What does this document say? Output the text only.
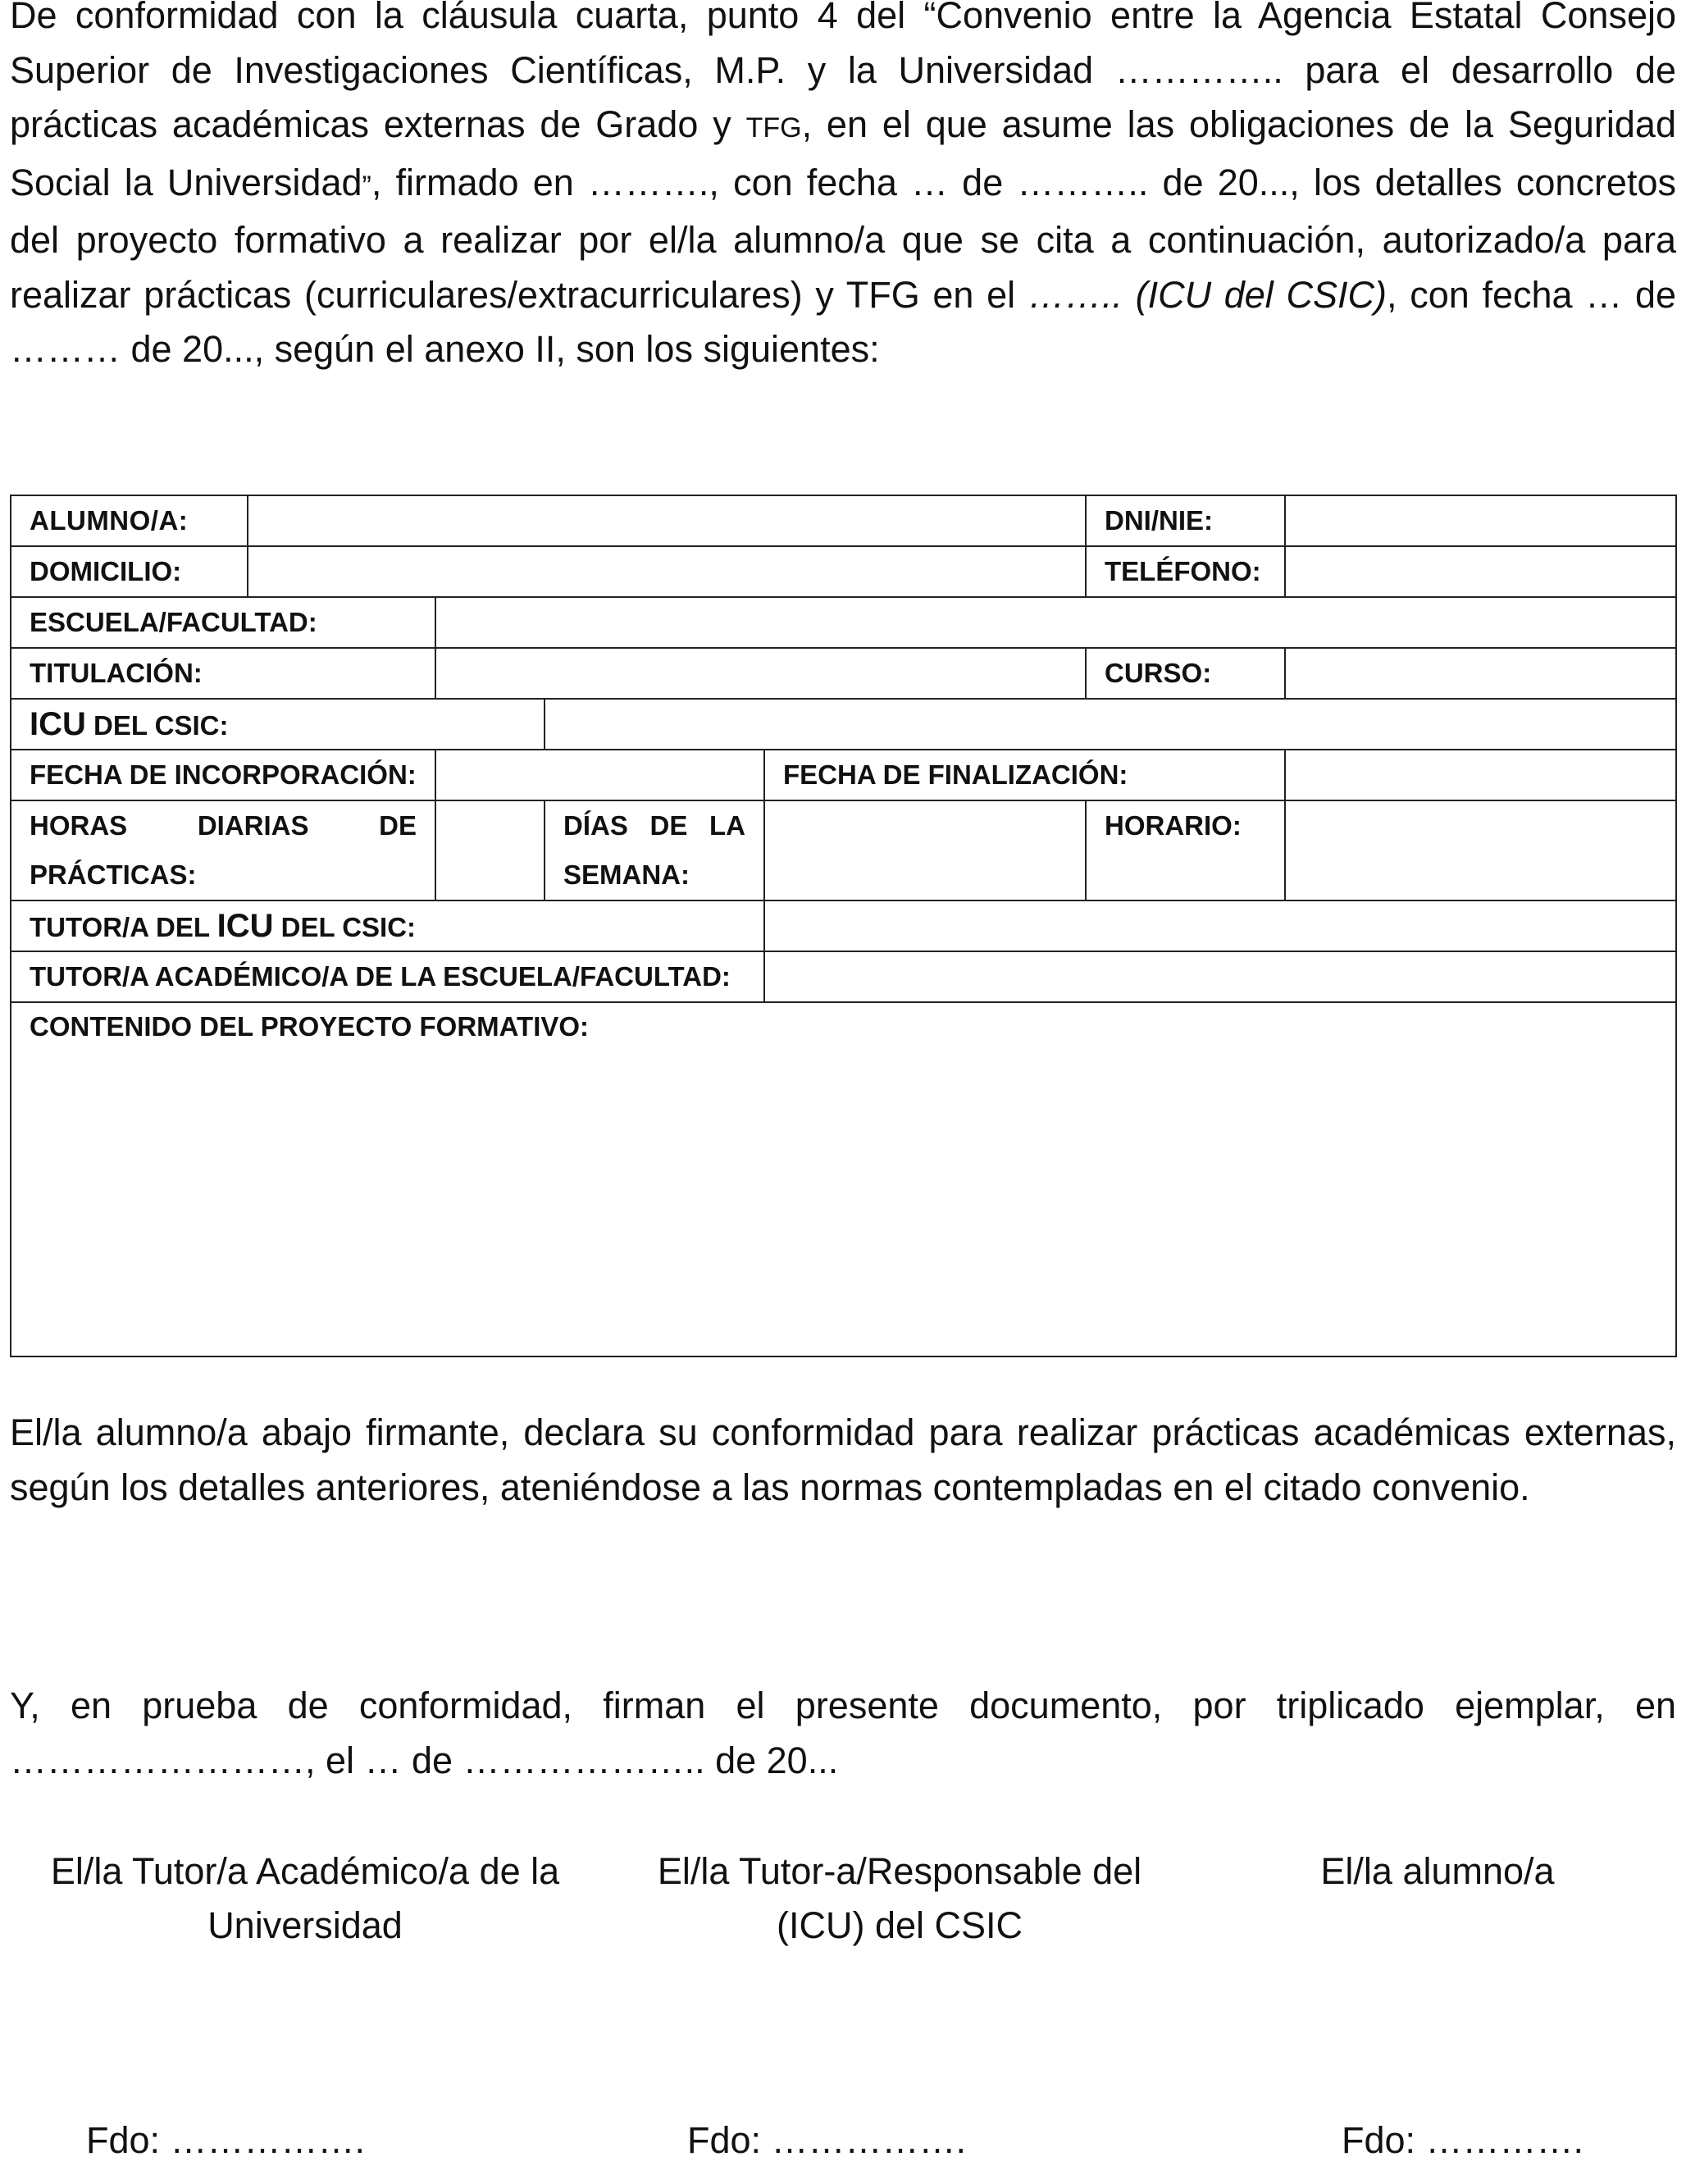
De conformidad con la cláusula cuarta, punto 4 del “Convenio entre la Agencia Estatal Consejo Superior de Investigaciones Científicas, M.P. y la Universidad ………….. para el desarrollo de prácticas académicas externas de Grado y TFG, en el que asume las obligaciones de la Seguridad Social la Universidad”, firmado en ………., con fecha … de ……….. de 20..., los detalles concretos del proyecto formativo a realizar por el/la alumno/a que se cita a continuación, autorizado/a para realizar prácticas (curriculares/extracurriculares) y TFG en el …….. (ICU del CSIC), con fecha … de ……… de 20..., según el anexo II, son los siguientes:

ALUMNO/A:					DNI/NIE:	
DOMICILIO:					TELÉFONO:	
ESCUELA/FACULTAD:						
TITULACIÓN:					CURSO:	
ICU DEL CSIC:						
FECHA DE INCORPORACIÓN:				FECHA DE FINALIZACIÓN:		
HORAS DIARIAS DE PRÁCTICAS:			DÍAS DE LA SEMANA:		HORARIO:	
TUTOR/A DEL ICU DEL CSIC:						
TUTOR/A ACADÉMICO/A DE LA ESCUELA/FACULTAD:						
CONTENIDO DEL PROYECTO FORMATIVO:						

El/la alumno/a abajo firmante, declara su conformidad para realizar prácticas académicas externas, según los detalles anteriores, ateniéndose a las normas contempladas en el citado convenio.

Y, en prueba de conformidad, firman el presente documento, por triplicado ejemplar, en ……………………, el … de ……………….. de 20...

El/la Tutor/a Académico/a de la Universidad
El/la Tutor-a/Responsable del (ICU) del CSIC
El/la alumno/a
Fdo: …………….	Fdo: …………….	Fdo: ………….
